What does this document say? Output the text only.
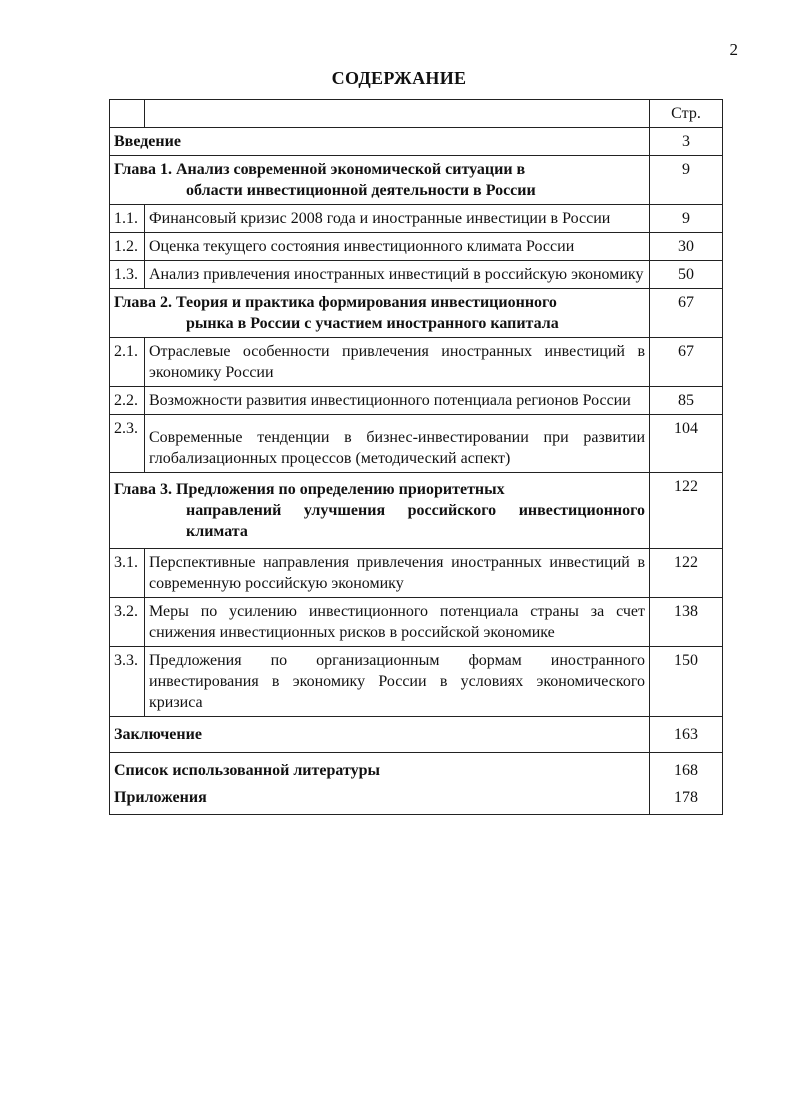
2
СОДЕРЖАНИЕ
		Стр.
Введение		3

Глава 1. Анализ современной экономической ситуации в
области инвестиционной деятельности в России		9
1.1.	Финансовый кризис 2008 года и иностранные инвестиции в России	9
1.2.	Оценка текущего состояния инвестиционного климата России	30
1.3.	Анализ привлечения иностранных инвестиций в российскую экономику	50

Глава 2. Теория и практика формирования инвестиционного
рынка в России с участием иностранного капитала		67
2.1.	Отраслевые особенности привлечения иностранных инвестиций в экономику России	67
2.2.	Возможности развития инвестиционного потенциала регионов России	85
2.3.	Современные тенденции в бизнес-инвестировании при развитии глобализационных процессов (методический аспект)	104

Глава 3. Предложения по определению приоритетных
направлений улучшения российского инвестиционного климата		122
3.1.	Перспективные направления привлечения иностранных инвестиций в современную российскую экономику	122
3.2.	Меры по усилению инвестиционного потенциала страны за счет снижения инвестиционных рисков в российской экономике	138
3.3.	Предложения по организационным формам иностранного инвестирования в экономику России в условиях экономического кризиса	150
Заключение		163
Список использованной литературы		168
Приложения		178
